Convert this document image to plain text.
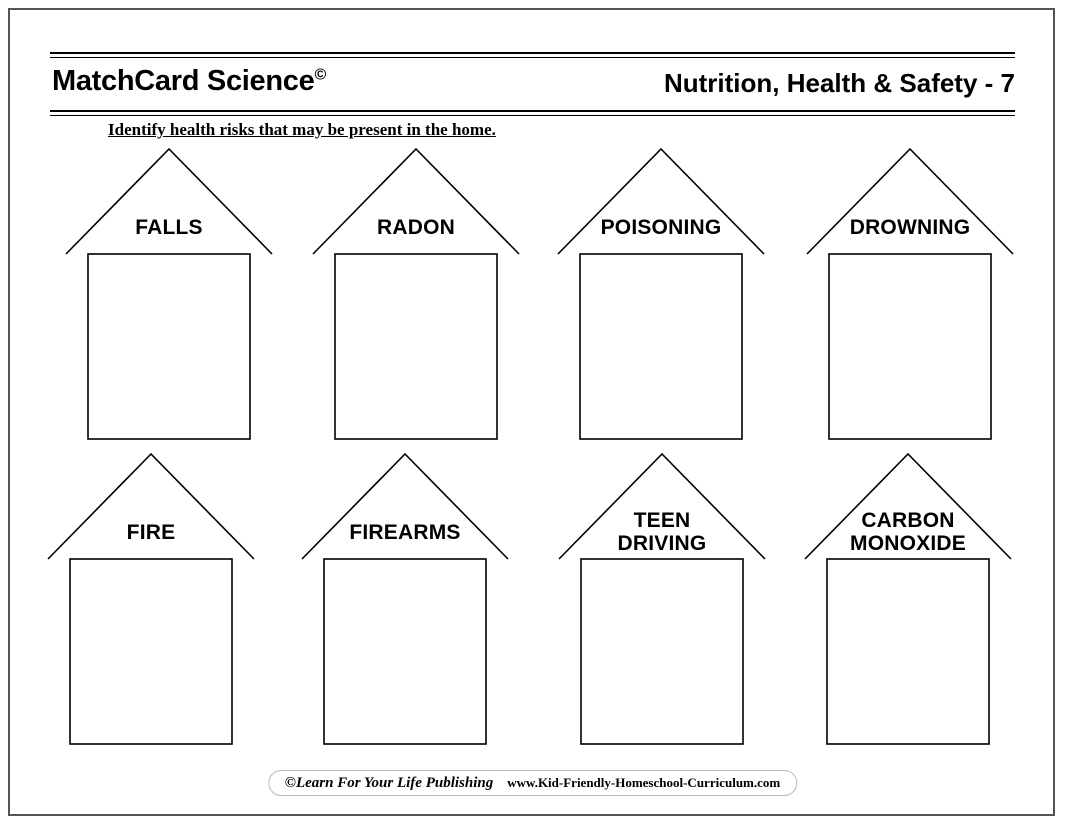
MatchCard Science©	Nutrition, Health & Safety - 7
Identify health risks that may be present in the home.
FALLS	RADON	POISONING	DROWNING
FIRE	FIREARMS
TEEN
DRIVING
CARBON
MONOXIDE
©Learn For Your Life Publishing www.Kid-Friendly-Homeschool-Curriculum.com
